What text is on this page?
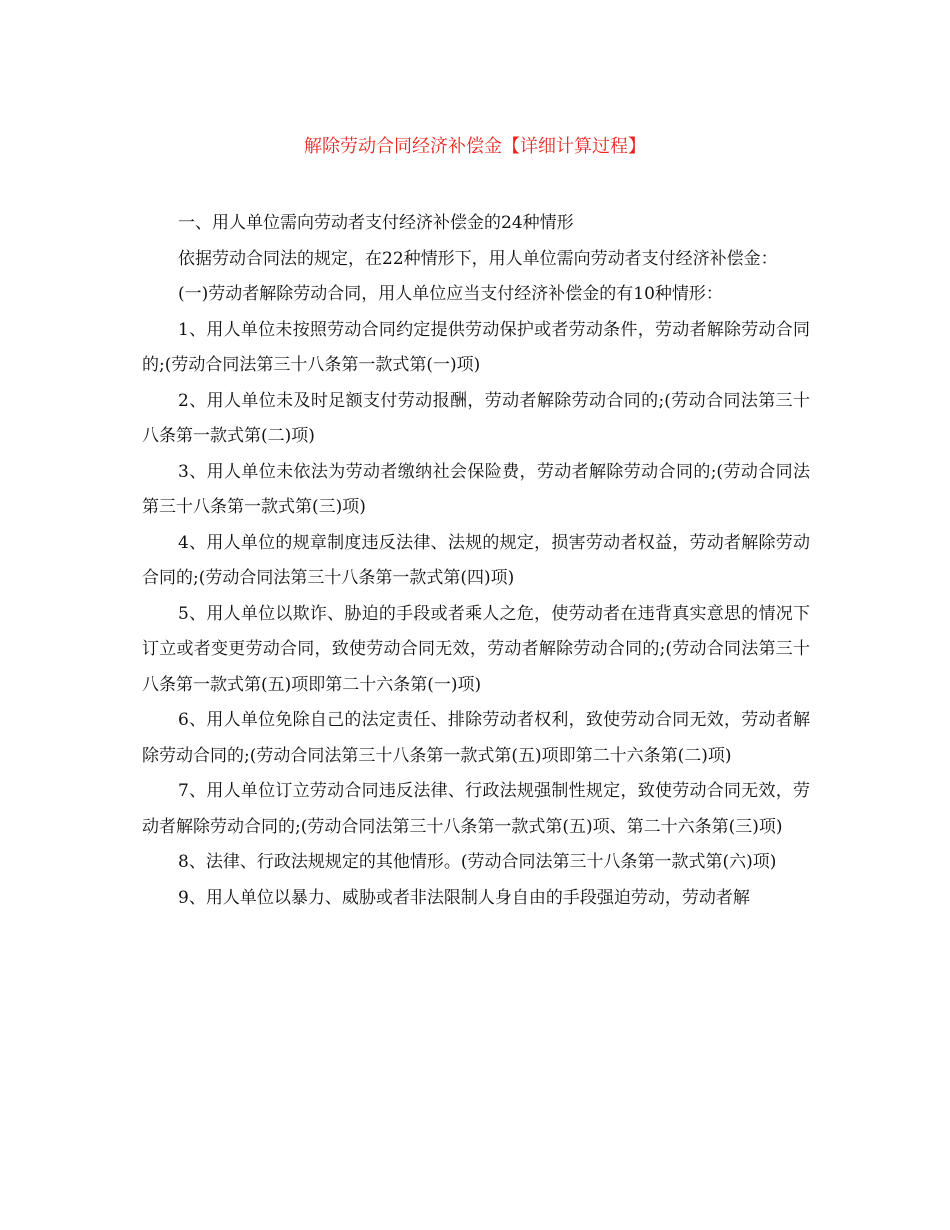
解除劳动合同经济补偿金【详细计算过程】

一、用人单位需向劳动者支付经济补偿金的24种情形

依据劳动合同法的规定，在22种情形下，用人单位需向劳动者支付经济补偿金：

(一)劳动者解除劳动合同，用人单位应当支付经济补偿金的有10种情形：

1、用人单位未按照劳动合同约定提供劳动保护或者劳动条件，劳动者解除劳动合同的;(劳动合同法第三十八条第一款式第(一)项)

2、用人单位未及时足额支付劳动报酬，劳动者解除劳动合同的;(劳动合同法第三十八条第一款式第(二)项)

3、用人单位未依法为劳动者缴纳社会保险费，劳动者解除劳动合同的;(劳动合同法第三十八条第一款式第(三)项)

4、用人单位的规章制度违反法律、法规的规定，损害劳动者权益，劳动者解除劳动合同的;(劳动合同法第三十八条第一款式第(四)项)

5、用人单位以欺诈、胁迫的手段或者乘人之危，使劳动者在违背真实意思的情况下订立或者变更劳动合同，致使劳动合同无效，劳动者解除劳动合同的;(劳动合同法第三十八条第一款式第(五)项即第二十六条第(一)项)

6、用人单位免除自己的法定责任、排除劳动者权利，致使劳动合同无效，劳动者解除劳动合同的;(劳动合同法第三十八条第一款式第(五)项即第二十六条第(二)项)

7、用人单位订立劳动合同违反法律、行政法规强制性规定，致使劳动合同无效，劳动者解除劳动合同的;(劳动合同法第三十八条第一款式第(五)项、第二十六条第(三)项)

8、法律、行政法规规定的其他情形。(劳动合同法第三十八条第一款式第(六)项)

9、用人单位以暴力、威胁或者非法限制人身自由的手段强迫劳动，劳动者解
